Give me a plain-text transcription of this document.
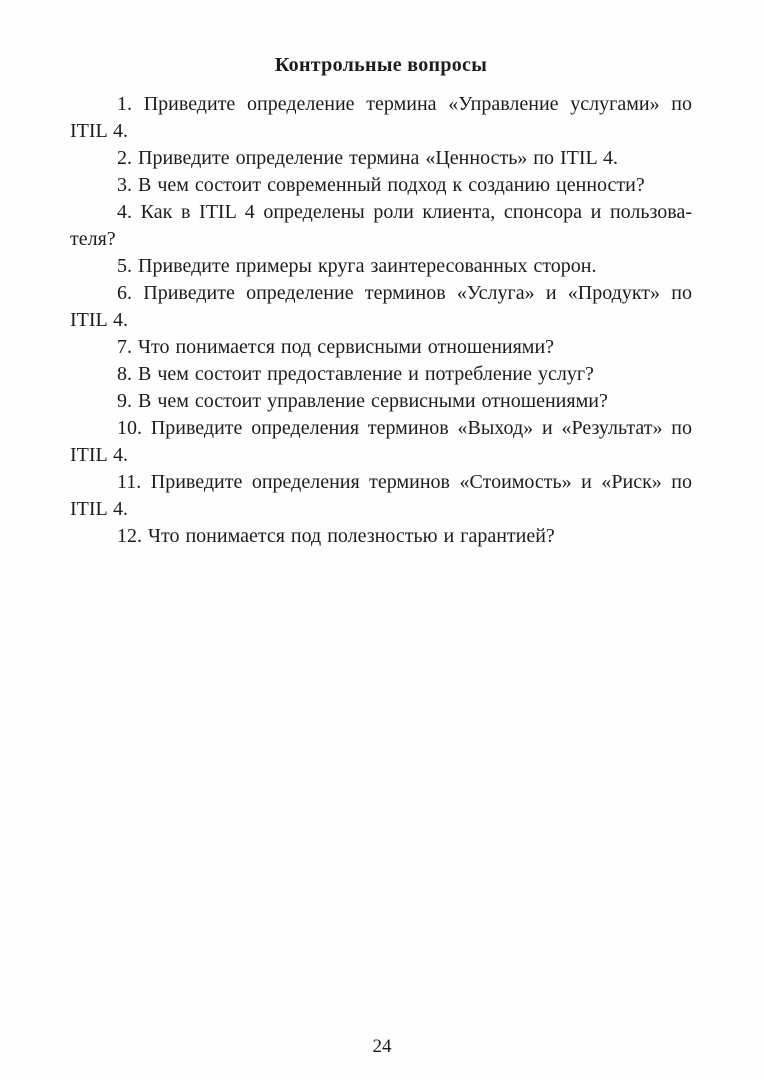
Контрольные вопросы

1. Приведите определение термина «Управление услугами» по ITIL 4.

2. Приведите определение термина «Ценность» по ITIL 4.

3. В чем состоит современный подход к созданию ценности?

4. Как в ITIL 4 определены роли клиента, спонсора и пользователя?

5. Приведите примеры круга заинтересованных сторон.

6. Приведите определение терминов «Услуга» и «Продукт» по ITIL 4.

7. Что понимается под сервисными отношениями?

8. В чем состоит предоставление и потребление услуг?

9. В чем состоит управление сервисными отношениями?

10. Приведите определения терминов «Выход» и «Результат» по ITIL 4.

11. Приведите определения терминов «Стоимость» и «Риск» по ITIL 4.

12. Что понимается под полезностью и гарантией?

24
